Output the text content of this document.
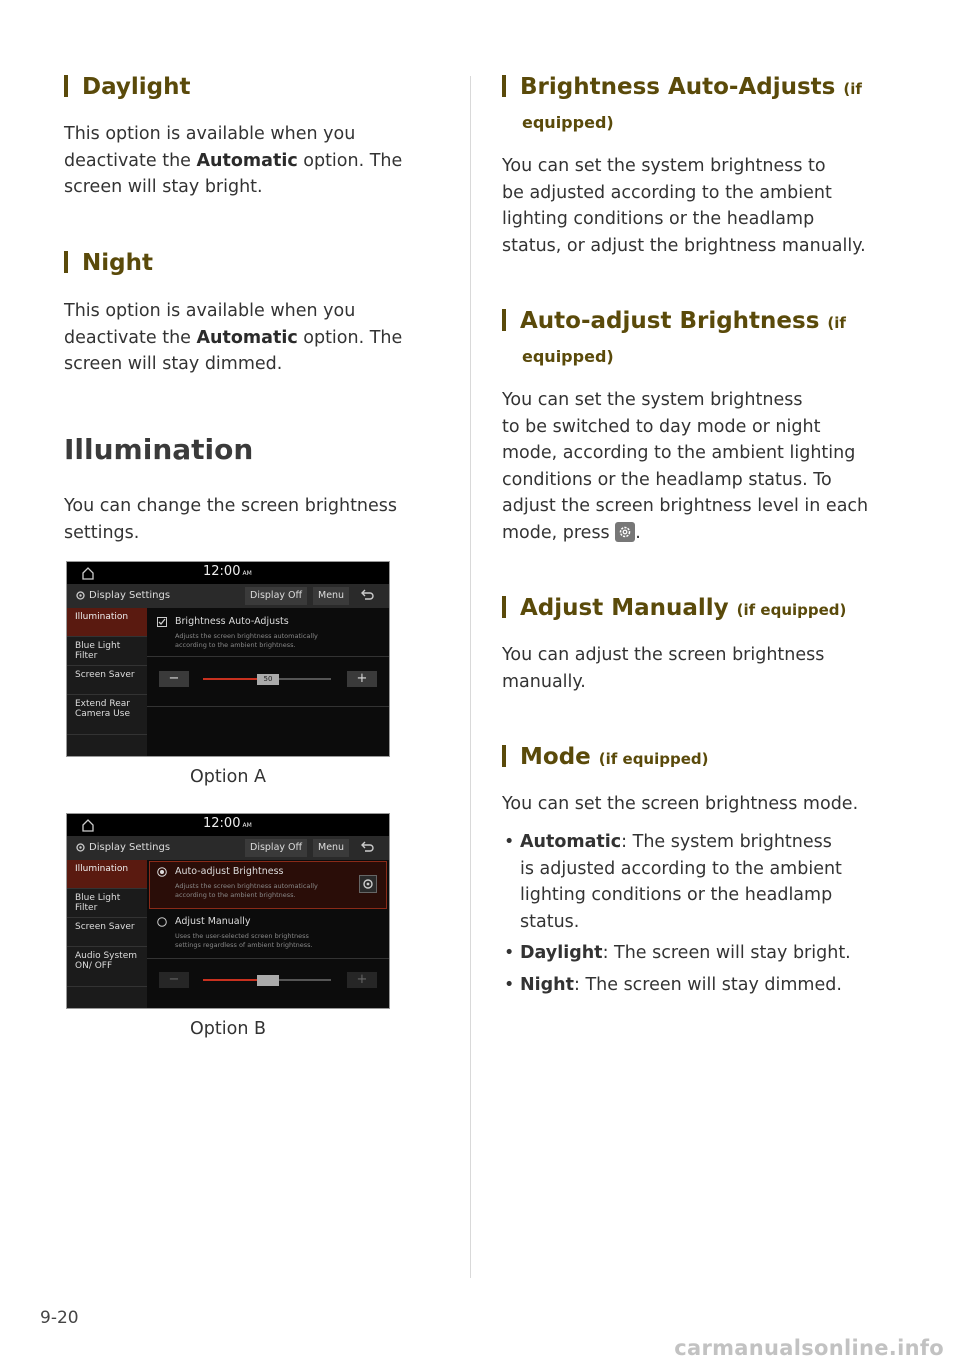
Daylight
This option is available when you
deactivate the Automatic option. The
screen will stay bright.
Night
This option is available when you
deactivate the Automatic option. The
screen will stay dimmed.
Illumination
You can change the screen brightness
settings.
12:00 AM
Display Settings	Display Off	Menu
Illumination
Blue Light Filter
Screen Saver
Extend Rear Camera Use
Brightness Auto-Adjusts
Adjusts the screen brightness automatically
according to the ambient brightness.
−	50	+
Option A
12:00 AM
Display Settings	Display Off	Menu
Illumination
Blue Light Filter
Screen Saver
Audio System ON/ OFF
Auto-adjust Brightness
Adjusts the screen brightness automatically
according to the ambient brightness.
Adjust Manually
Uses the user-selected screen brightness
settings regardless of ambient brightness.
−	+
Option B
Brightness Auto-Adjusts (if
equipped)
You can set the system brightness to
be adjusted according to the ambient
lighting conditions or the headlamp
status, or adjust the brightness manually.
Auto-adjust Brightness (if
equipped)
You can set the system brightness
to be switched to day mode or night
mode, according to the ambient lighting
conditions or the headlamp status. To
adjust the screen brightness level in each
mode, press .
Adjust Manually (if equipped)
You can adjust the screen brightness
manually.
Mode (if equipped)
You can set the screen brightness mode.
• Automatic: The system brightness
is adjusted according to the ambient
lighting conditions or the headlamp
status.
• Daylight: The screen will stay bright.
• Night: The screen will stay dimmed.
9-20
carmanualsonline.info
